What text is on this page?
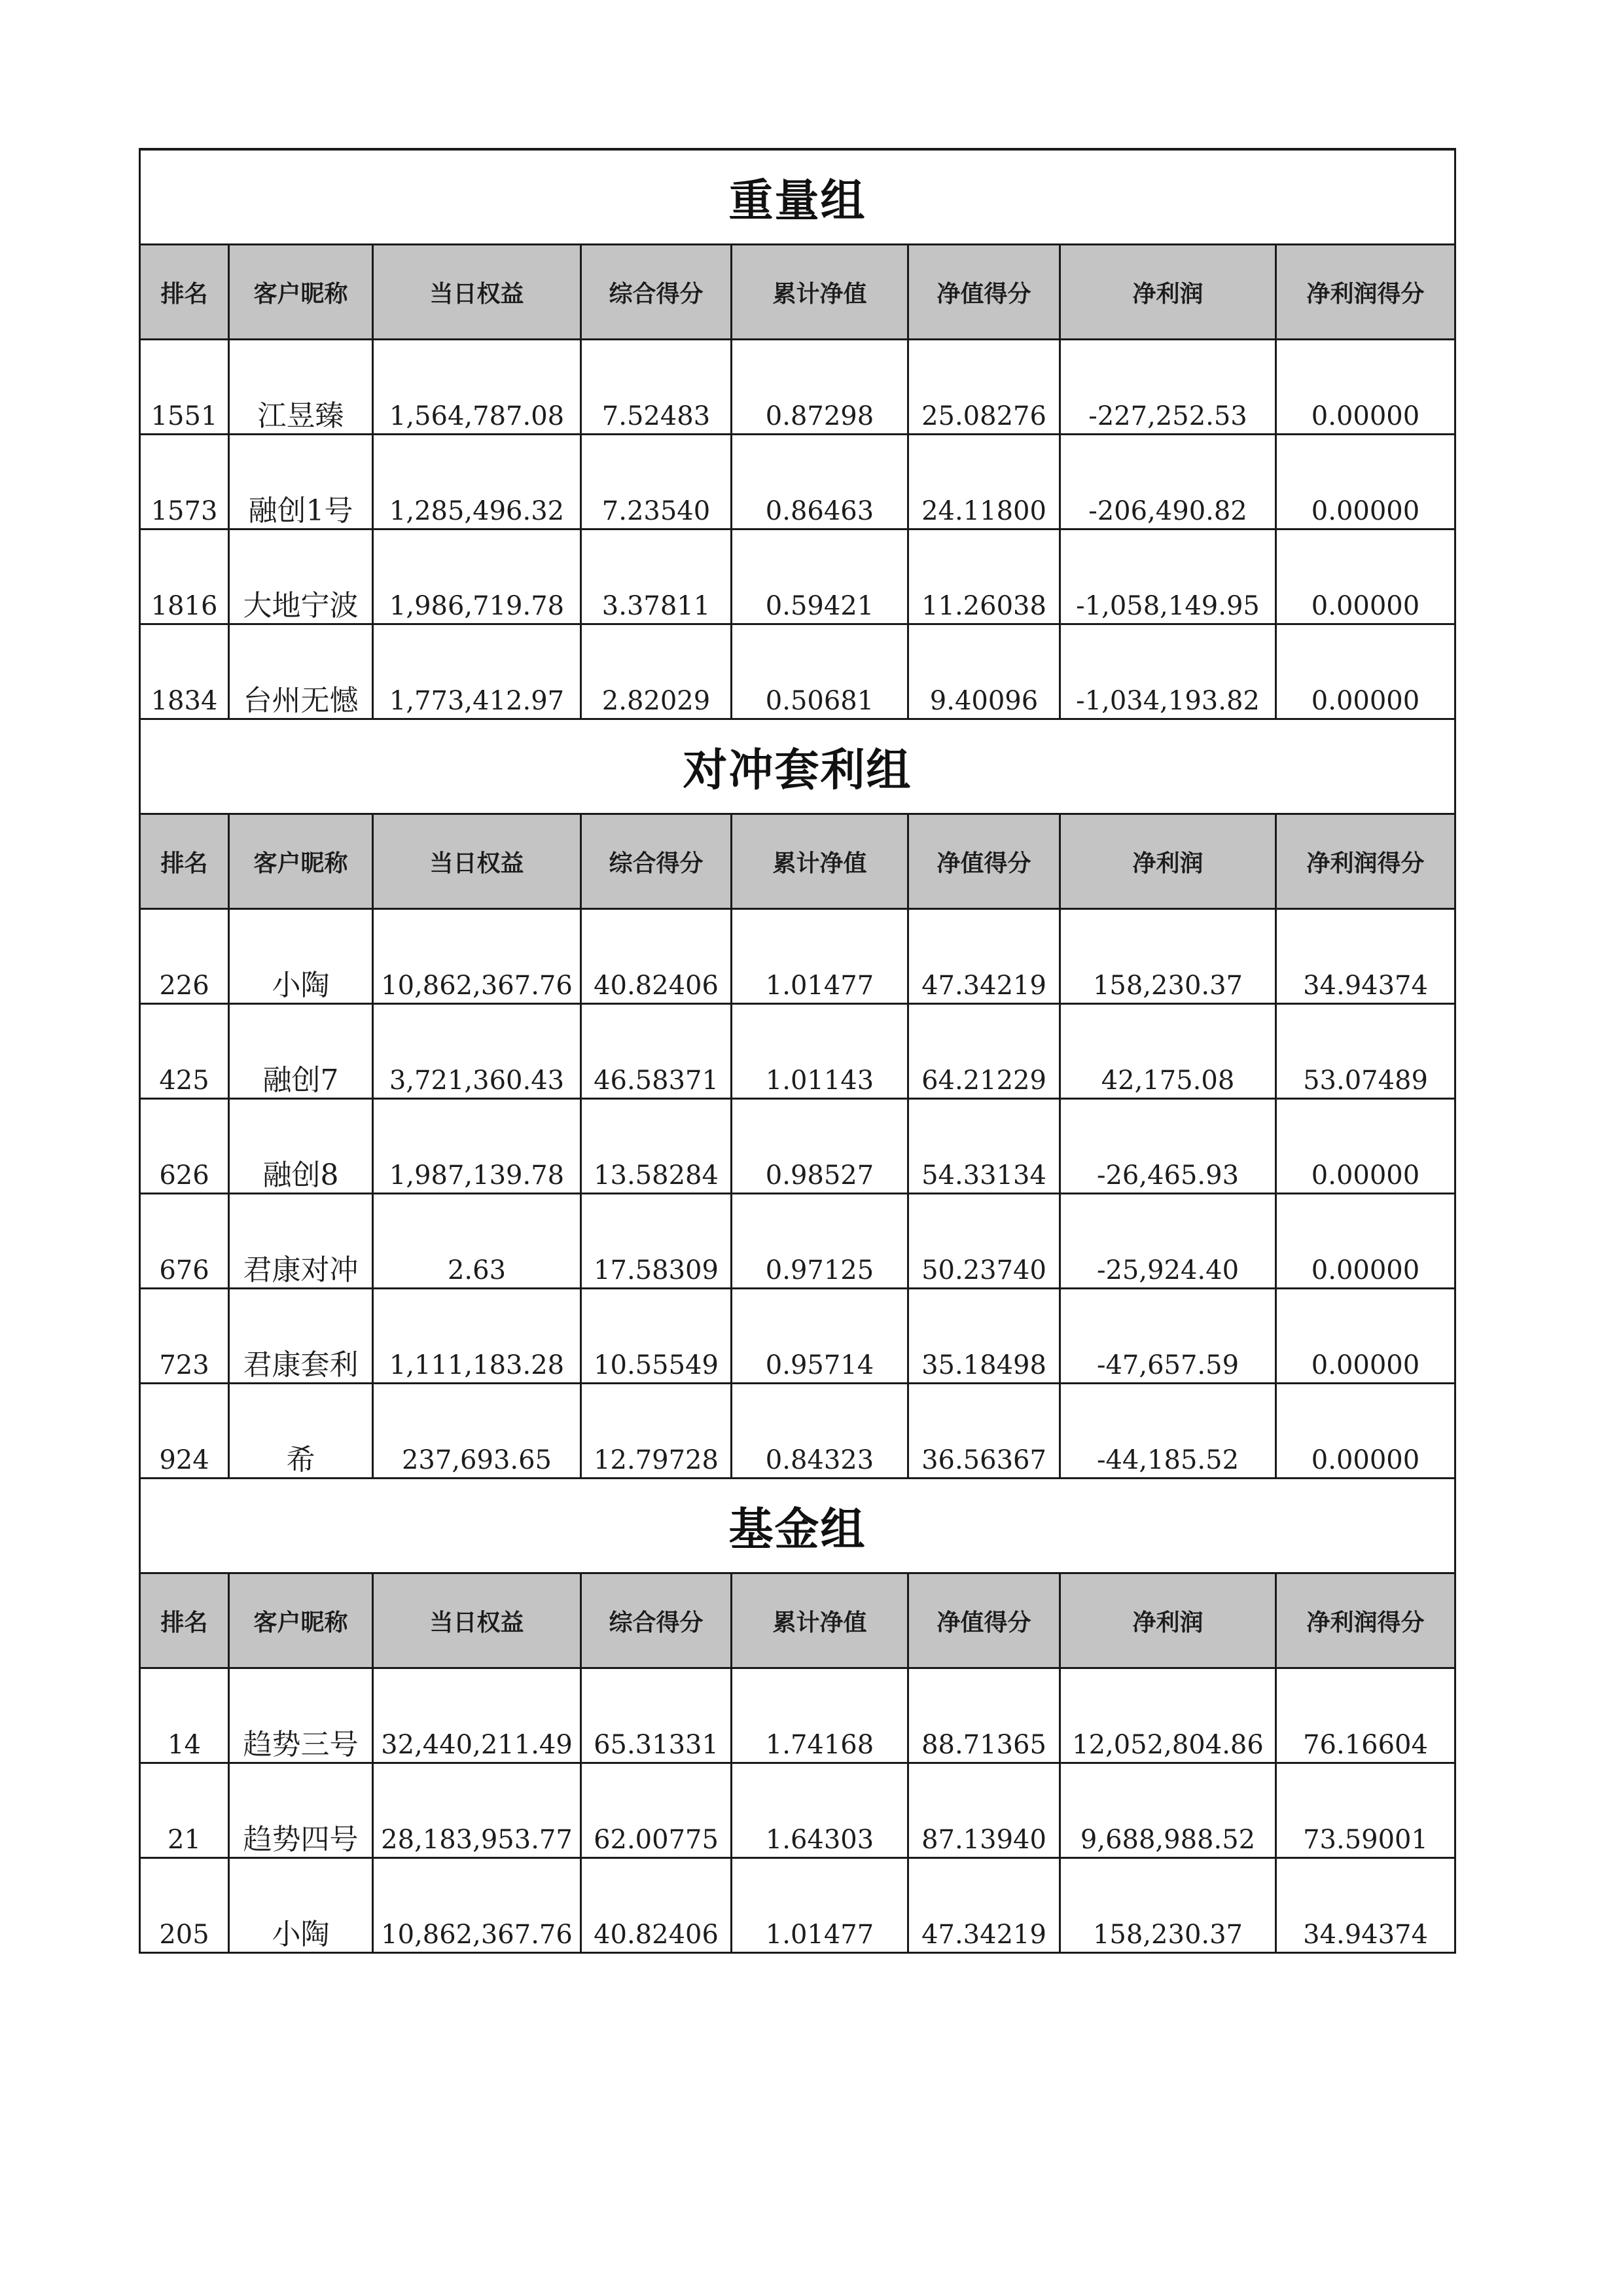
重量组							
排名	客户昵称	当日权益	综合得分	累计净值	净值得分	净利润	净利润得分
1551	江昱臻	1,564,787.08	7.52483	0.87298	25.08276	-227,252.53	0.00000
1573	融创1号	1,285,496.32	7.23540	0.86463	24.11800	-206,490.82	0.00000
1816	大地宁波	1,986,719.78	3.37811	0.59421	11.26038	-1,058,149.95	0.00000
1834	台州无憾	1,773,412.97	2.82029	0.50681	9.40096	-1,034,193.82	0.00000
对冲套利组							
排名	客户昵称	当日权益	综合得分	累计净值	净值得分	净利润	净利润得分
226	小陶	10,862,367.76	40.82406	1.01477	47.34219	158,230.37	34.94374
425	融创7	3,721,360.43	46.58371	1.01143	64.21229	42,175.08	53.07489
626	融创8	1,987,139.78	13.58284	0.98527	54.33134	-26,465.93	0.00000
676	君康对冲	2.63	17.58309	0.97125	50.23740	-25,924.40	0.00000
723	君康套利	1,111,183.28	10.55549	0.95714	35.18498	-47,657.59	0.00000
924	希	237,693.65	12.79728	0.84323	36.56367	-44,185.52	0.00000
基金组							
排名	客户昵称	当日权益	综合得分	累计净值	净值得分	净利润	净利润得分
14	趋势三号	32,440,211.49	65.31331	1.74168	88.71365	12,052,804.86	76.16604
21	趋势四号	28,183,953.77	62.00775	1.64303	87.13940	9,688,988.52	73.59001
205	小陶	10,862,367.76	40.82406	1.01477	47.34219	158,230.37	34.94374
